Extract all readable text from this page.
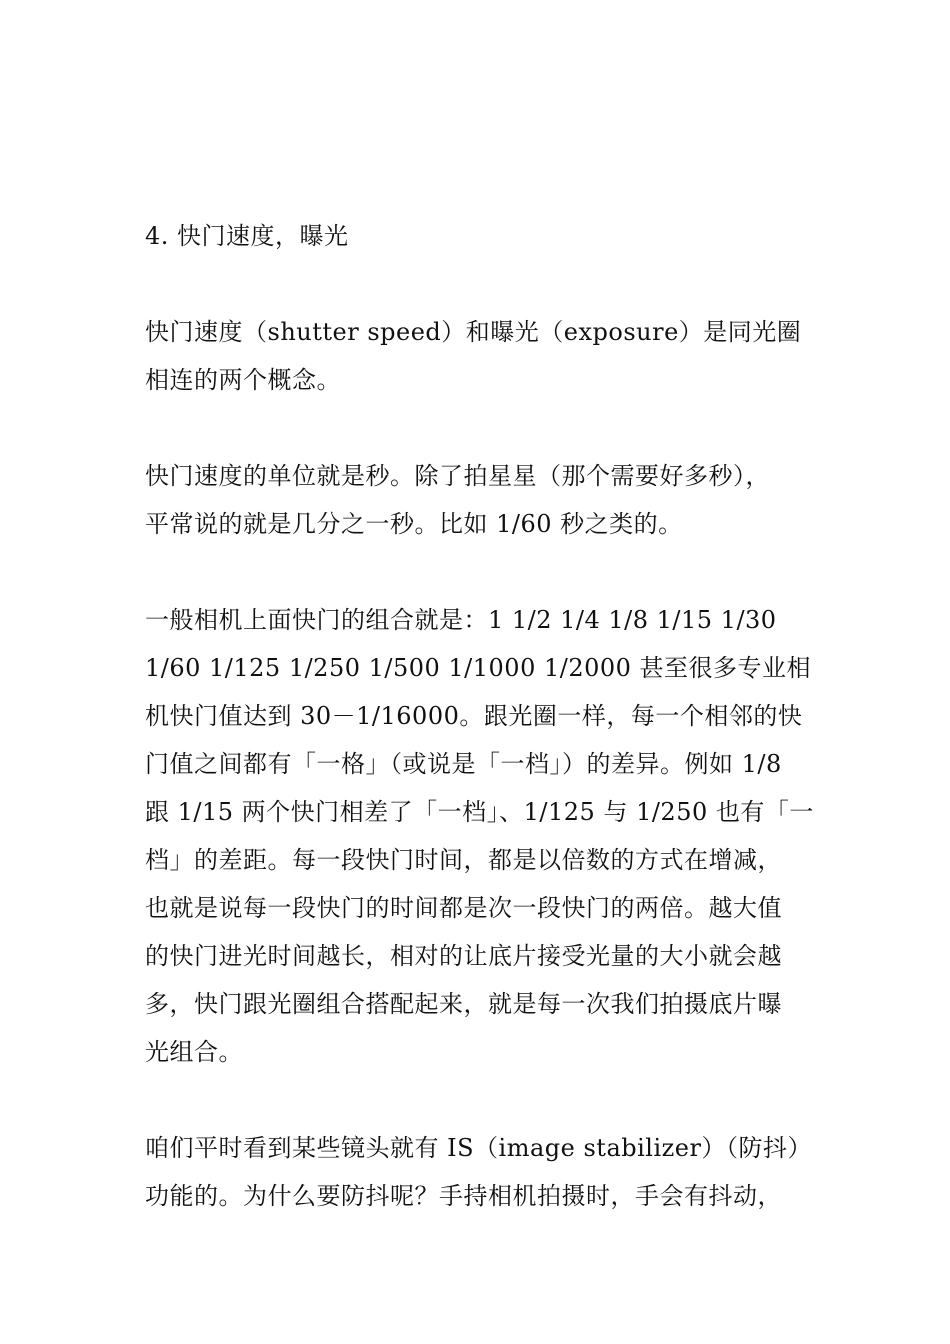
4. 快门速度，曝光
快门速度（shutter speed）和曝光（exposure）是同光圈
相连的两个概念。
快门速度的单位就是秒。除了拍星星（那个需要好多秒），
平常说的就是几分之一秒。比如 1/60 秒之类的。
一般相机上面快门的组合就是：1 1/2 1/4 1/8 1/15 1/30
1/60 1/125 1/250 1/500 1/1000 1/2000 甚至很多专业相
机快门值达到 30－1/16000。跟光圈一样，每一个相邻的快
门值之间都有「一格」（或说是「一档」）的差异。例如 1/8
跟 1/15 两个快门相差了「一档」、1/125 与 1/250 也有「一
档」的差距。每一段快门时间，都是以倍数的方式在增减，
也就是说每一段快门的时间都是次一段快门的两倍。越大值
的快门进光时间越长，相对的让底片接受光量的大小就会越
多，快门跟光圈组合搭配起来，就是每一次我们拍摄底片曝
光组合。
咱们平时看到某些镜头就有 IS（image stabilizer）（防抖）
功能的。为什么要防抖呢？手持相机拍摄时，手会有抖动，
